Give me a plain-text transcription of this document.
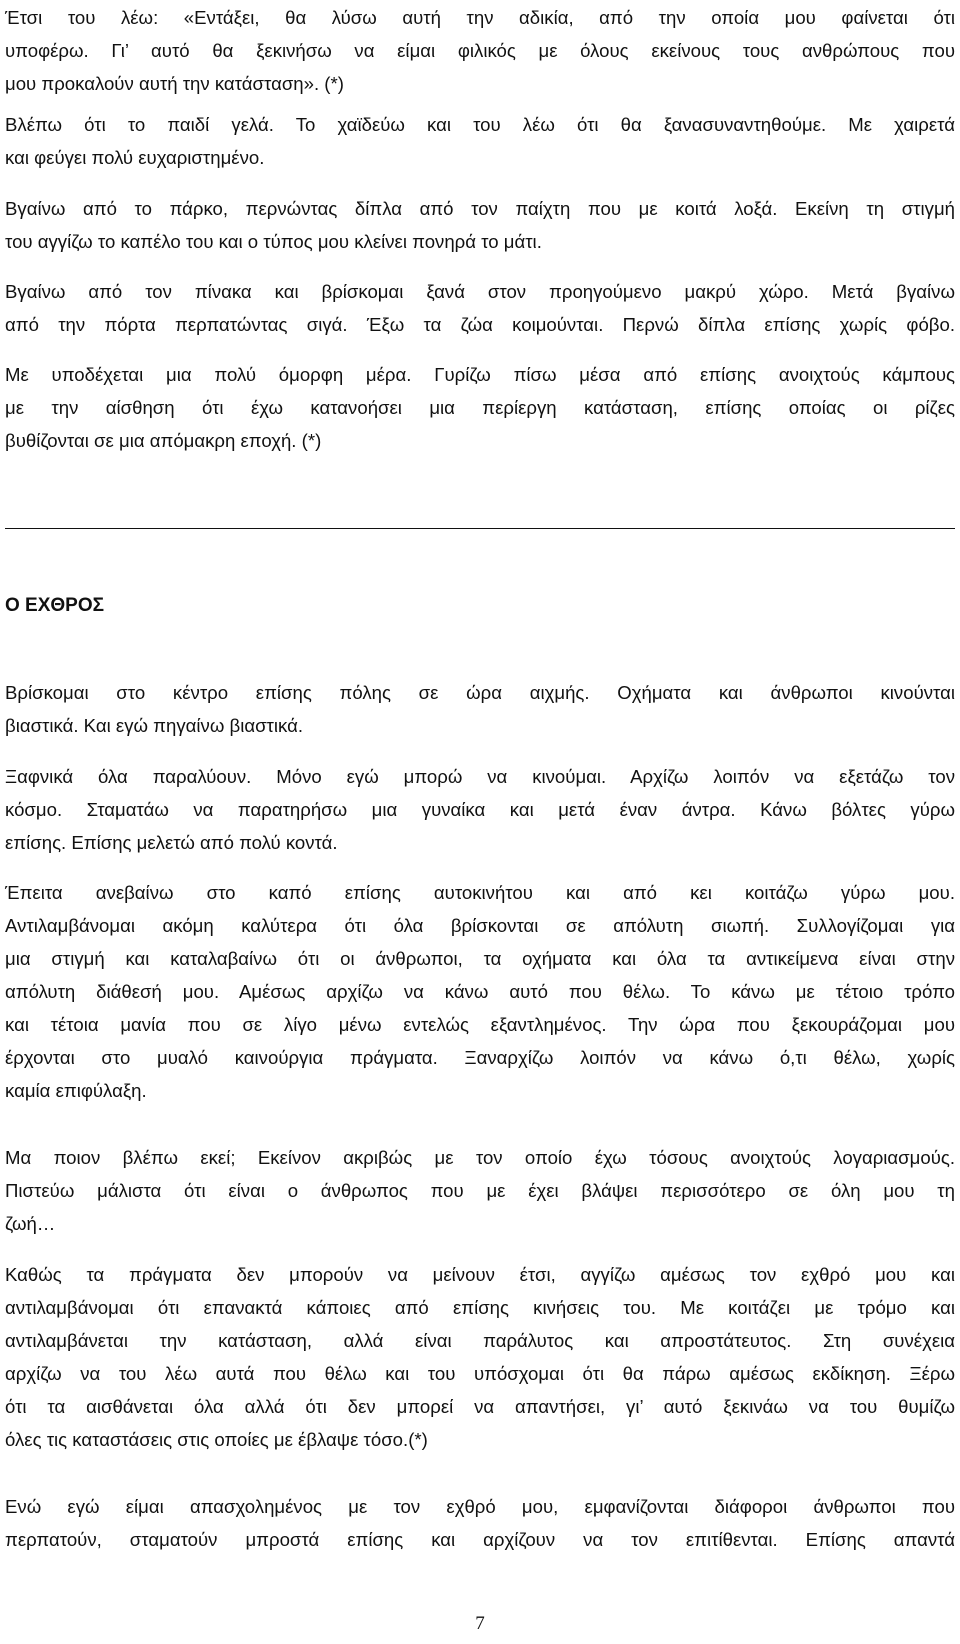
Έτσι του λέω: «Εντάξει, θα λύσω αυτή την αδικία, από την οποία μου φαίνεται ότι
υποφέρω. Γι’ αυτό θα ξεκινήσω να είμαι φιλικός με όλους εκείνους τους ανθρώπους που
μου προκαλούν αυτή την κατάσταση». (*)
Βλέπω ότι το παιδί γελά. Το χαϊδεύω και του λέω ότι θα ξανασυναντηθούμε. Με χαιρετά
και φεύγει πολύ ευχαριστημένο.
Βγαίνω από το πάρκο, περνώντας δίπλα από τον παίχτη που με κοιτά λοξά. Εκείνη τη στιγμή
του αγγίζω το καπέλο του και ο τύπος μου κλείνει πονηρά το μάτι.
Βγαίνω από τον πίνακα και βρίσκομαι ξανά στον προηγούμενο μακρύ χώρο. Μετά βγαίνω
από την πόρτα περπατώντας σιγά. Έξω τα ζώα κοιμούνται. Περνώ δίπλα επίσης χωρίς φόβο.
Με υποδέχεται μια πολύ όμορφη μέρα. Γυρίζω πίσω μέσα από επίσης ανοιχτούς κάμπους
με την αίσθηση ότι έχω κατανοήσει μια περίεργη κατάσταση, επίσης οποίας οι ρίζες
βυθίζονται σε μια απόμακρη εποχή. (*)
Ο ΕΧΘΡΟΣ
Βρίσκομαι στο κέντρο επίσης πόλης σε ώρα αιχμής. Οχήματα και άνθρωποι κινούνται
βιαστικά. Και εγώ πηγαίνω βιαστικά.
Ξαφνικά όλα παραλύουν. Μόνο εγώ μπορώ να κινούμαι. Αρχίζω λοιπόν να εξετάζω τον
κόσμο. Σταματάω να παρατηρήσω μια γυναίκα και μετά έναν άντρα. Κάνω βόλτες γύρω
επίσης. Επίσης μελετώ από πολύ κοντά.
Έπειτα ανεβαίνω στο καπό επίσης αυτοκινήτου και από κει κοιτάζω γύρω μου.
Αντιλαμβάνομαι ακόμη καλύτερα ότι όλα βρίσκονται σε απόλυτη σιωπή. Συλλογίζομαι για
μια στιγμή και καταλαβαίνω ότι οι άνθρωποι, τα οχήματα και όλα τα αντικείμενα είναι στην
απόλυτη διάθεσή μου. Αμέσως αρχίζω να κάνω αυτό που θέλω. Το κάνω με τέτοιο τρόπο
και τέτοια μανία που σε λίγο μένω εντελώς εξαντλημένος. Την ώρα που ξεκουράζομαι μου
έρχονται στο μυαλό καινούργια πράγματα. Ξαναρχίζω λοιπόν να κάνω ό,τι θέλω, χωρίς
καμία επιφύλαξη.
Μα ποιον βλέπω εκεί; Εκείνον ακριβώς με τον οποίο έχω τόσους ανοιχτούς λογαριασμούς.
Πιστεύω μάλιστα ότι είναι ο άνθρωπος που με έχει βλάψει περισσότερο σε όλη μου τη
ζωή…
Καθώς τα πράγματα δεν μπορούν να μείνουν έτσι, αγγίζω αμέσως τον εχθρό μου και
αντιλαμβάνομαι ότι επανακτά κάποιες από επίσης κινήσεις του. Με κοιτάζει με τρόμο και
αντιλαμβάνεται την κατάσταση, αλλά είναι παράλυτος και απροστάτευτος. Στη συνέχεια
αρχίζω να του λέω αυτά που θέλω και του υπόσχομαι ότι θα πάρω αμέσως εκδίκηση. Ξέρω
ότι τα αισθάνεται όλα αλλά ότι δεν μπορεί να απαντήσει, γι’ αυτό ξεκινάω να του θυμίζω
όλες τις καταστάσεις στις οποίες με έβλαψε τόσο.(*)
Ενώ εγώ είμαι απασχολημένος με τον εχθρό μου, εμφανίζονται διάφοροι άνθρωποι που
περπατούν, σταματούν μπροστά επίσης και αρχίζουν να τον επιτίθενται. Επίσης απαντά
7
